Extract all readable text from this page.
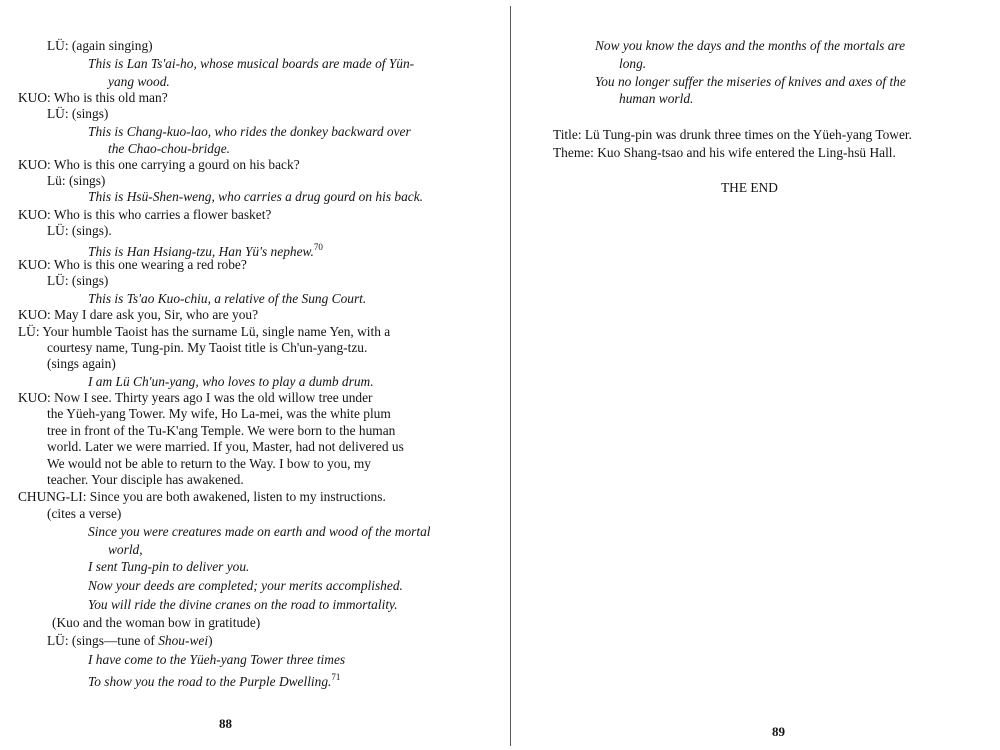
LÜ: (again singing)
This is Lan Ts'ai-ho, whose musical boards are made of Yün-
yang wood.
KUO: Who is this old man?
LÜ: (sings)
This is Chang-kuo-lao, who rides the donkey backward over
the Chao-chou-bridge.
KUO: Who is this one carrying a gourd on his back?
Lü: (sings)
This is Hsü-Shen-weng, who carries a drug gourd on his back.
KUO: Who is this who carries a flower basket?
LÜ: (sings).
This is Han Hsiang-tzu, Han Yü's nephew.$^{70}$
KUO: Who is this one wearing a red robe?
LÜ: (sings)
This is Ts'ao Kuo-chiu, a relative of the Sung Court.
KUO: May I dare ask you, Sir, who are you?
LÜ: Your humble Taoist has the surname Lü, single name Yen, with a
courtesy name, Tung-pin. My Taoist title is Ch'un-yang-tzu.
(sings again)
I am Lü Ch'un-yang, who loves to play a dumb drum.
KUO: Now I see. Thirty years ago I was the old willow tree under
the Yüeh-yang Tower. My wife, Ho La-mei, was the white plum
tree in front of the Tu-K'ang Temple. We were born to the human
world. Later we were married. If you, Master, had not delivered us
We would not be able to return to the Way. I bow to you, my
teacher. Your disciple has awakened.
CHUNG-LI: Since you are both awakened, listen to my instructions.
(cites a verse)
Since you were creatures made on earth and wood of the mortal
world,
I sent Tung-pin to deliver you.
Now your deeds are completed; your merits accomplished.
You will ride the divine cranes on the road to immortality.
(Kuo and the woman bow in gratitude)
LÜ: (sings—tune of Shou-wei)
I have come to the Yüeh-yang Tower three times
To show you the road to the Purple Dwelling.$^{71}$
88
Now you know the days and the months of the mortals are
long.
You no longer suffer the miseries of knives and axes of the
human world.
Title: Lü Tung-pin was drunk three times on the Yüeh-yang Tower.
Theme: Kuo Shang-tsao and his wife entered the Ling-hsü Hall.
THE END
89
